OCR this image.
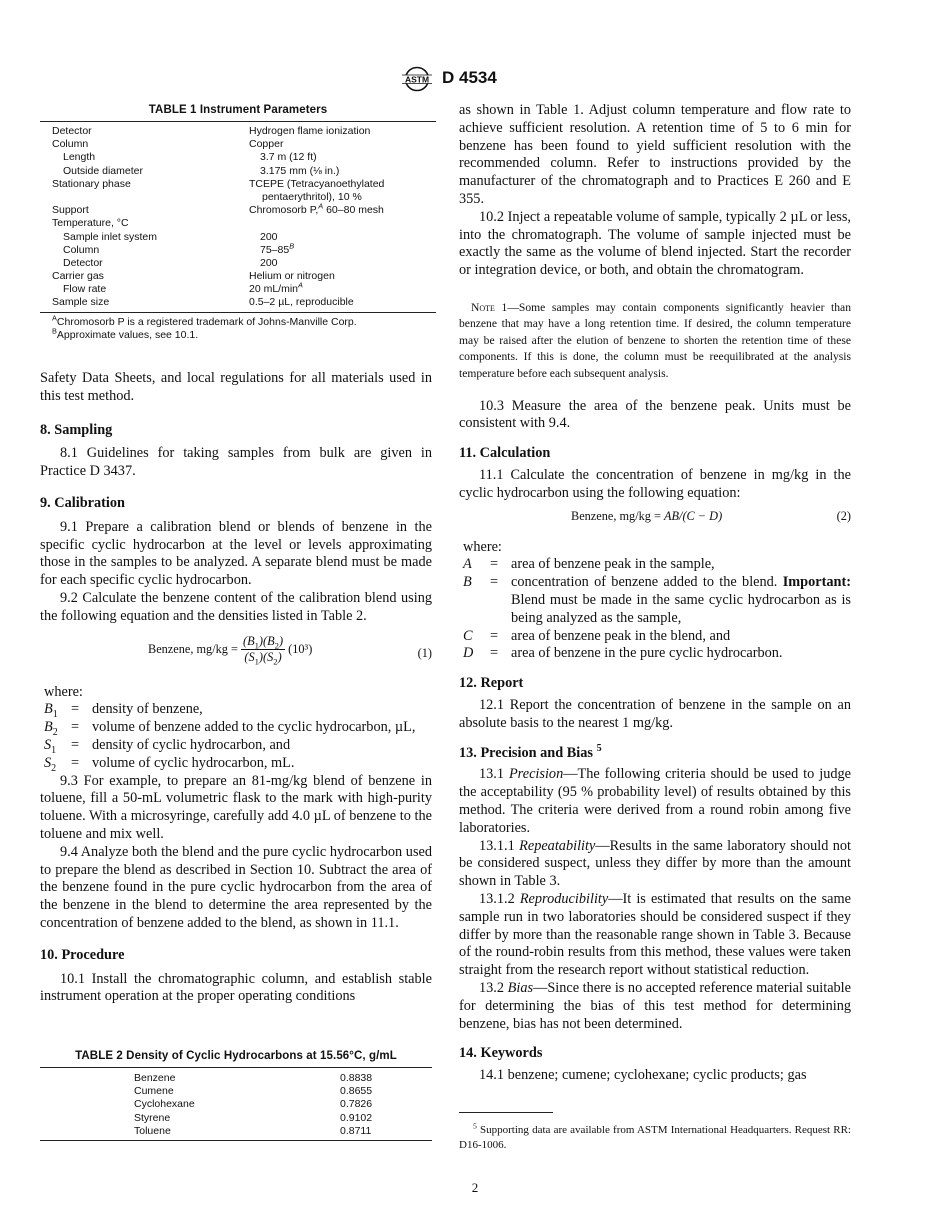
ASTM D 4534
TABLE 1 Instrument Parameters
Detector	Hydrogen flame ionization
Column	Copper
Length	3.7 m (12 ft)
Outside diameter	3.175 mm (⅛ in.)
Stationary phase	TCEPE (Tetracyanoethylated
pentaerythritol), 10 %
Support	Chromosorb P,$^A$ 60–80 mesh
Temperature, °C
Sample inlet system	200
Column	$75-85^B$
Detector	200
Carrier gas	Helium or nitrogen
Flow rate	20 $mL/\min^A$
Sample size	0.5–2 µL, reproducible
$^A$Chromosorb P is a registered trademark of Johns-Manville Corp.
$^B$Approximate values, see 10.1.

Safety Data Sheets, and local regulations for all materials used in this test method.

8. Sampling

8.1 Guidelines for taking samples from bulk are given in Practice D 3437.

9. Calibration

9.1 Prepare a calibration blend or blends of benzene in the specific cyclic hydrocarbon at the level or levels approximating those in the samples to be analyzed. A separate blend must be made for each specific cyclic hydrocarbon.

9.2 Calculate the benzene content of the calibration blend using the following equation and the densities listed in Table 2.

Benzene, $mg/kg = \frac{(B_1)(B_2)}{(S_1)(S_2)} (10^3)$	(1)
where:
$B_1$ = density of benzene,
$B_2$ = volume of benzene added to the cyclic hydrocarbon, µL,
$S_1$ = density of cyclic hydrocarbon, and
$S_2$ = volume of cyclic hydrocarbon, mL.

9.3 For example, to prepare an 81-mg/kg blend of benzene in toluene, fill a 50-mL volumetric flask to the mark with high-purity toluene. With a microsyringe, carefully add 4.0 µL of benzene to the toluene and mix well.

9.4 Analyze both the blend and the pure cyclic hydrocarbon used to prepare the blend as described in Section 10. Subtract the area of the benzene found in the pure cyclic hydrocarbon from the area of the benzene in the blend to determine the area represented by the concentration of benzene added to the blend, as shown in 11.1.

10. Procedure

10.1 Install the chromatographic column, and establish stable instrument operation at the proper operating conditions

TABLE 2 Density of Cyclic Hydrocarbons at 15.56°C, g/mL
Benzene	0.8838
Cumene	0.8655
Cyclohexane	0.7826
Styrene	0.9102
Toluene	0.8711

as shown in Table 1. Adjust column temperature and flow rate to achieve sufficient resolution. A retention time of 5 to 6 min for benzene has been found to yield sufficient resolution with the recommended column. Refer to instructions provided by the manufacturer of the chromatograph and to Practices E 260 and E 355.

10.2 Inject a repeatable volume of sample, typically 2 µL or less, into the chromatograph. The volume of sample injected must be exactly the same as the volume of blend injected. Start the recorder or integration device, or both, and obtain the chromatogram.

Note 1—Some samples may contain components significantly heavier than benzene that may have a long retention time. If desired, the column temperature may be raised after the elution of benzene to shorten the retention time of these components. If this is done, the column must be reequilibrated at the analysis temperature before each subsequent analysis.

10.3 Measure the area of the benzene peak. Units must be consistent with 9.4.

11. Calculation

11.1 Calculate the concentration of benzene in mg/kg in the cyclic hydrocarbon using the following equation:

Benzene, mg/kg = AB/(C − D)	(2)
where:
A = area of benzene peak in the sample,
B = concentration of benzene added to the blend. Important: Blend must be made in the same cyclic hydrocarbon as is being analyzed as the sample,
C = area of benzene peak in the blend, and
D = area of benzene in the pure cyclic hydrocarbon.
12. Report

12.1 Report the concentration of benzene in the sample on an absolute basis to the nearest 1 mg/kg.

13. Precision and Bias $^5$

13.1 Precision—The following criteria should be used to judge the acceptability (95 % probability level) of results obtained by this method. The criteria were derived from a round robin among five laboratories.

13.1.1 Repeatability—Results in the same laboratory should not be considered suspect, unless they differ by more than the amount shown in Table 3.

13.1.2 Reproducibility—It is estimated that results on the same sample run in two laboratories should be considered suspect if they differ by more than the reasonable range shown in Table 3. Because of the round-robin results from this method, these values were taken straight from the research report without statistical reduction.

13.2 Bias—Since there is no accepted reference material suitable for determining the bias of this test method for determining benzene, bias has not been determined.

14. Keywords

14.1 benzene; cumene; cyclohexane; cyclic products; gas

$^5$ Supporting data are available from ASTM International Headquarters. Request RR: D16-1006.

2
